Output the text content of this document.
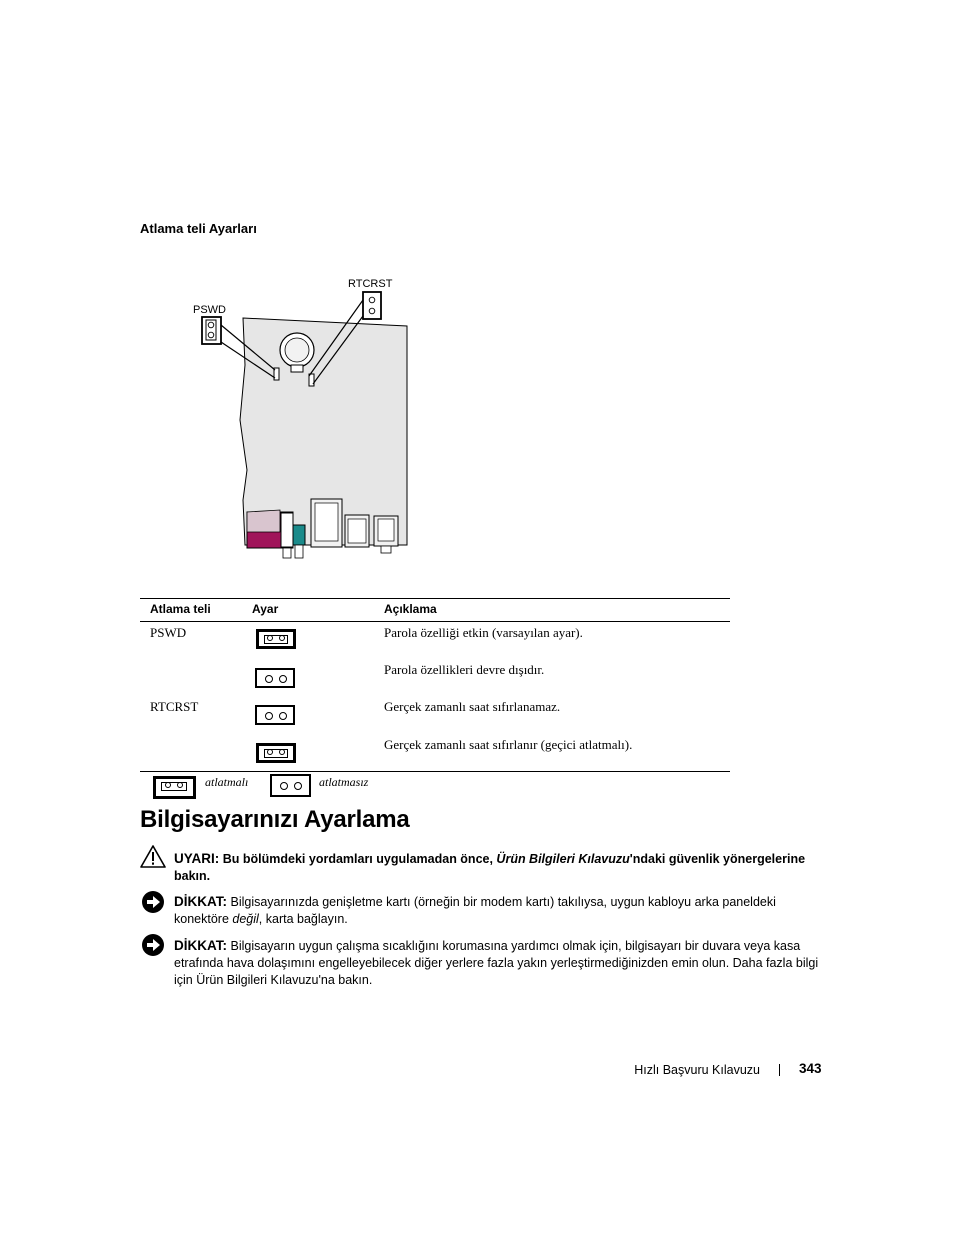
Atlama teli Ayarları
PSWD
RTCRST
Atlama teli	Ayar	Açıklama
PSWD	Parola özelliği etkin (varsayılan ayar).
Parola özellikleri devre dışıdır.
RTCRST	Gerçek zamanlı saat sıfırlanamaz.
Gerçek zamanlı saat sıfırlanır (geçici atlatmalı).
atlatmalı	atlatmasız
Bilgisayarınızı Ayarlama
UYARI: Bu bölümdeki yordamları uygulamadan önce, Ürün Bilgileri Kılavuzu'ndaki güvenlik yönergelerine bakın.
DİKKAT: Bilgisayarınızda genişletme kartı (örneğin bir modem kartı) takılıysa, uygun kabloyu arka paneldeki konektöre değil, karta bağlayın.
DİKKAT: Bilgisayarın uygun çalışma sıcaklığını korumasına yardımcı olmak için, bilgisayarı bir duvara veya kasa etrafında hava dolaşımını engelleyebilecek diğer yerlere fazla yakın yerleştirmediğinizden emin olun. Daha fazla bilgi için Ürün Bilgileri Kılavuzu'na bakın.
Hızlı Başvuru Kılavuzu	343
